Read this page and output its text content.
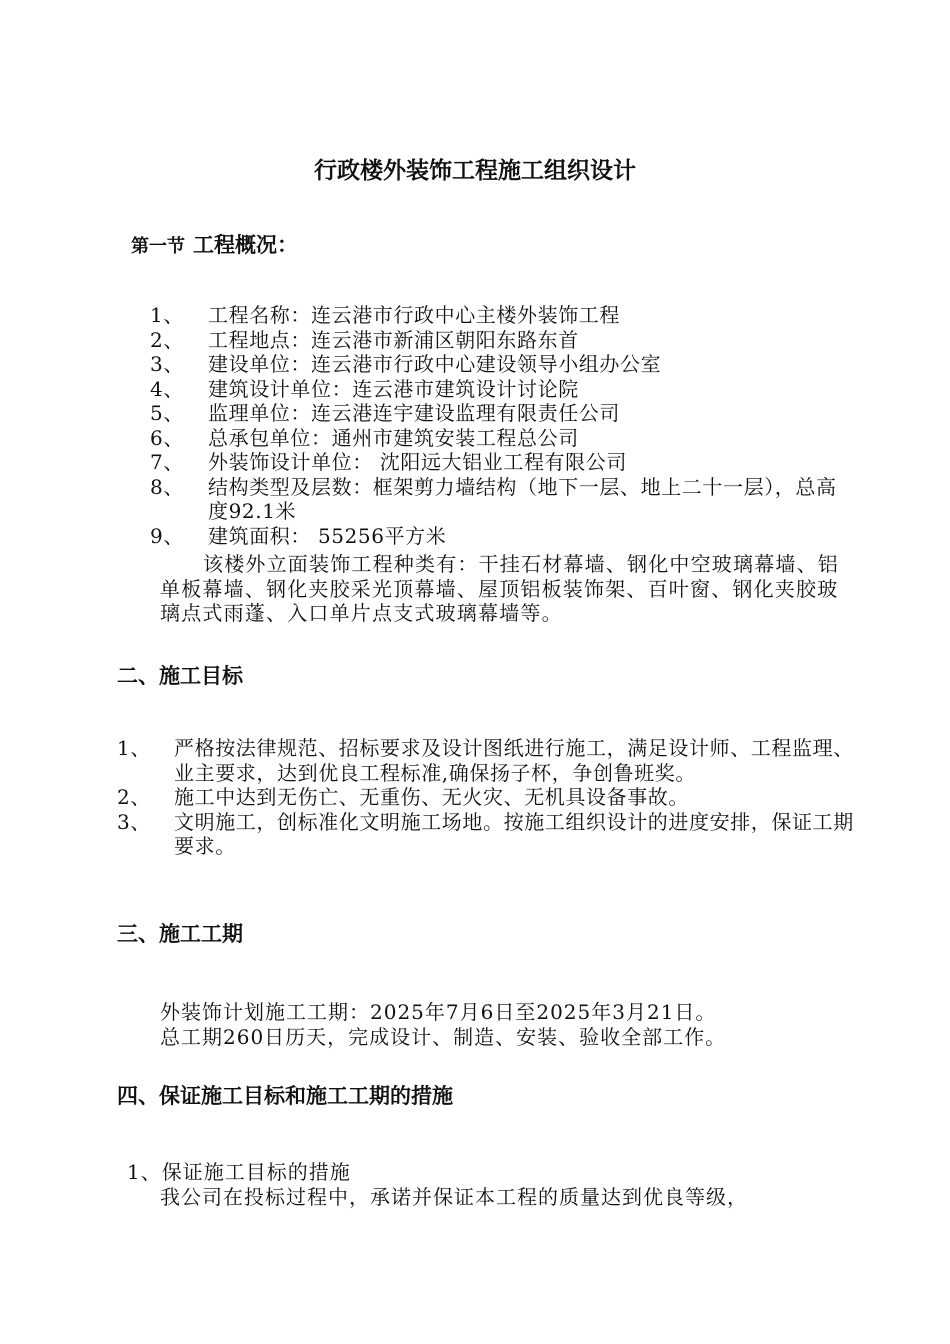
行政楼外装饰工程施工组织设计
第一节 工程概况：
1、 工程名称：连云港市行政中心主楼外装饰工程
2、 工程地点：连云港市新浦区朝阳东路东首
3、 建设单位：连云港市行政中心建设领导小组办公室
4、 建筑设计单位：连云港市建筑设计讨论院
5、 监理单位：连云港连宇建设监理有限责任公司
6、 总承包单位：通州市建筑安装工程总公司
7、 外装饰设计单位： 沈阳远大铝业工程有限公司
8、 结构类型及层数：框架剪力墙结构（地下一层、地上二十一层），总高度92.1米
9、 建筑面积： 55256平方米
该楼外立面装饰工程种类有：干挂石材幕墙、钢化中空玻璃幕墙、铝单板幕墙、钢化夹胶采光顶幕墙、屋顶铝板装饰架、百叶窗、钢化夹胶玻璃点式雨蓬、入口单片点支式玻璃幕墙等。
二、施工目标
1、 严格按法律规范、招标要求及设计图纸进行施工，满足设计师、工程监理、业主要求，达到优良工程标准,确保扬子杯，争创鲁班奖。
2、 施工中达到无伤亡、无重伤、无火灾、无机具设备事故。
3、 文明施工，创标准化文明施工场地。按施工组织设计的进度安排，保证工期要求。
三、施工工期
外装饰计划施工工期：2025年7月6日至2025年3月21日。
总工期260日历天，完成设计、制造、安装、验收全部工作。
四、保证施工目标和施工工期的措施
1、保证施工目标的措施
我公司在投标过程中，承诺并保证本工程的质量达到优良等级，
